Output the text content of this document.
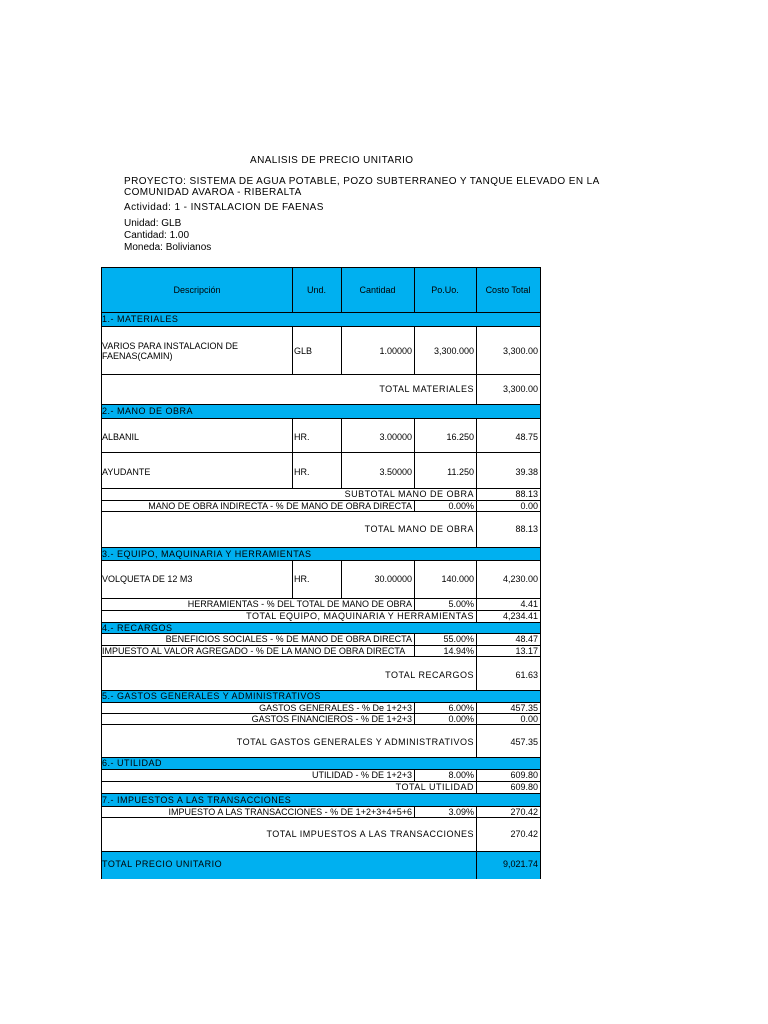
ANALISIS DE PRECIO UNITARIO
PROYECTO: SISTEMA DE AGUA POTABLE, POZO SUBTERRANEO Y TANQUE ELEVADO EN LA
COMUNIDAD AVAROA - RIBERALTA
Actividad: 1 - INSTALACION DE FAENAS
Unidad: GLB
Cantidad: 1.00
Moneda: Bolivianos
Descripción	Und.	Cantidad	Po.Uo.	Costo Total
1.- MATERIALES
VARIOS PARA INSTALACION DE
FAENAS(CAMIN)	GLB	1.00000	3,300.000	3,300.00
TOTAL MATERIALES	3,300.00
2.- MANO DE OBRA
ALBANIL	HR.	3.00000	16.250	48.75
AYUDANTE	HR.	3.50000	11.250	39.38
SUBTOTAL MANO DE OBRA	88.13
MANO DE OBRA INDIRECTA - % DE MANO DE OBRA DIRECTA	0.00%	0.00
TOTAL MANO DE OBRA	88.13
3.- EQUIPO, MAQUINARIA Y HERRAMIENTAS
VOLQUETA DE 12 M3	HR.	30.00000	140.000	4,230.00
HERRAMIENTAS - % DEL TOTAL DE MANO DE OBRA	5.00%	4.41
TOTAL EQUIPO, MAQUINARIA Y HERRAMIENTAS	4,234.41
4.- RECARGOS
BENEFICIOS SOCIALES - % DE MANO DE OBRA DIRECTA	55.00%	48.47
IMPUESTO AL VALOR AGREGADO - % DE LA MANO DE OBRA DIRECTA	14.94%	13.17
TOTAL RECARGOS	61.63
5.- GASTOS GENERALES Y ADMINISTRATIVOS
GASTOS GENERALES - % De 1+2+3	6.00%	457.35
GASTOS FINANCIEROS - % DE 1+2+3	0.00%	0.00
TOTAL GASTOS GENERALES Y ADMINISTRATIVOS	457.35
6.- UTILIDAD
UTILIDAD - % DE 1+2+3	8.00%	609.80
TOTAL UTILIDAD	609.80
7.- IMPUESTOS A LAS TRANSACCIONES
IMPUESTO A LAS TRANSACCIONES - % DE 1+2+3+4+5+6	3.09%	270.42
TOTAL IMPUESTOS A LAS TRANSACCIONES	270.42
TOTAL PRECIO UNITARIO	9,021.74
